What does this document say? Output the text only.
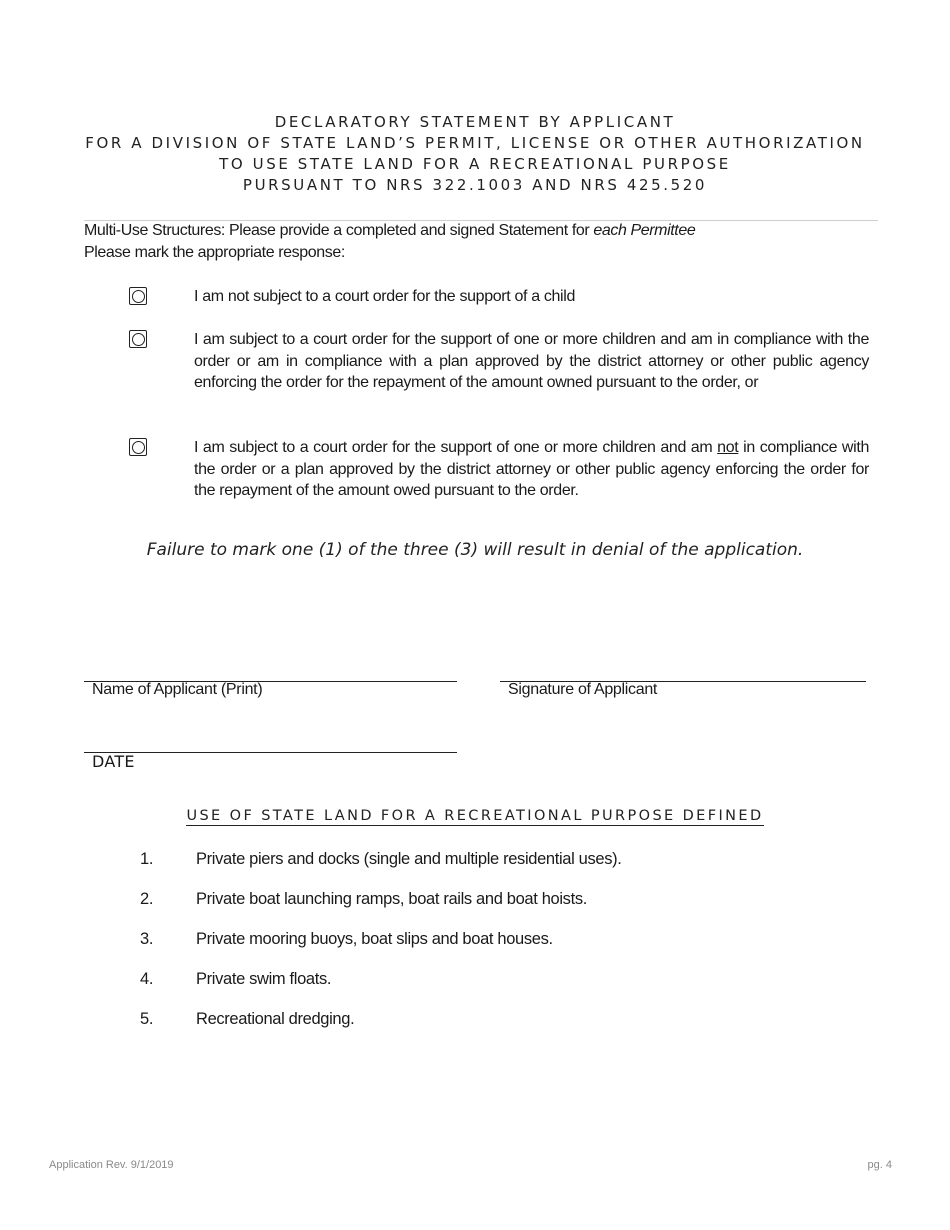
DECLARATORY STATEMENT BY APPLICANT
FOR A DIVISION OF STATE LAND’S PERMIT, LICENSE OR OTHER AUTHORIZATION
TO USE STATE LAND FOR A RECREATIONAL PURPOSE
PURSUANT TO NRS 322.1003 AND NRS 425.520
Multi-Use Structures: Please provide a completed and signed Statement for each Permittee
Please mark the appropriate response:
I am not subject to a court order for the support of a child
I am subject to a court order for the support of one or more children and am in compliance with the order or am in compliance with a plan approved by the district attorney or other public agency enforcing the order for the repayment of the amount owned pursuant to the order, or
I am subject to a court order for the support of one or more children and am not in compliance with the order or a plan approved by the district attorney or other public agency enforcing the order for the repayment of the amount owed pursuant to the order.
Failure to mark one (1) of the three (3) will result in denial of the application.
Name of Applicant (Print)	Signature of Applicant
DATE
USE OF STATE LAND FOR A RECREATIONAL PURPOSE DEFINED
1.	Private piers and docks (single and multiple residential uses).
2.	Private boat launching ramps, boat rails and boat hoists.
3.	Private mooring buoys, boat slips and boat houses.
4.	Private swim floats.
5.	Recreational dredging.
Application Rev. 9/1/2019	pg. 4
